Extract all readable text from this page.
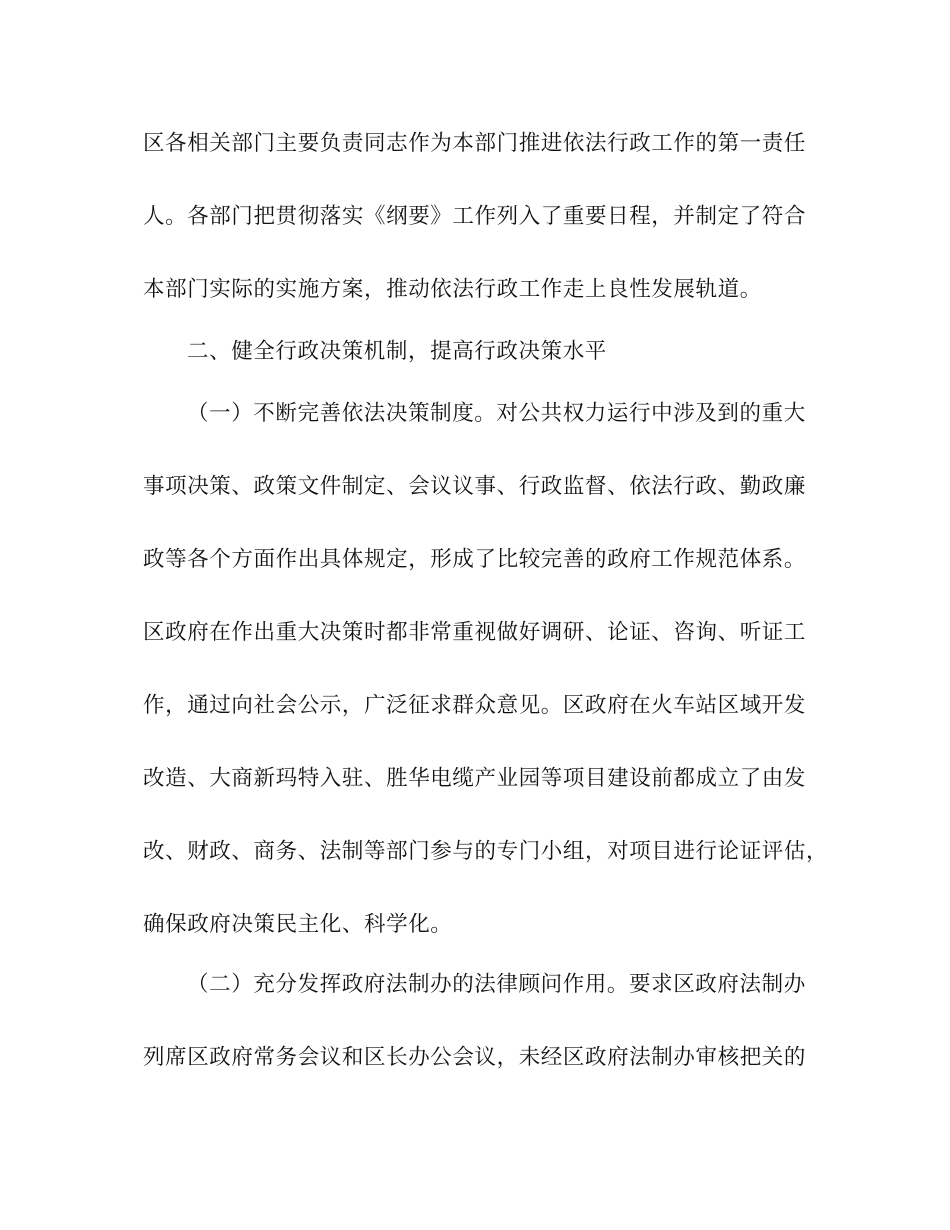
区各相关部门主要负责同志作为本部门推进依法行政工作的第一责任
人。各部门把贯彻落实《纲要》工作列入了重要日程，并制定了符合
本部门实际的实施方案，推动依法行政工作走上良性发展轨道。
二、健全行政决策机制，提高行政决策水平
（一）不断完善依法决策制度。对公共权力运行中涉及到的重大
事项决策、政策文件制定、会议议事、行政监督、依法行政、勤政廉
政等各个方面作出具体规定，形成了比较完善的政府工作规范体系。
区政府在作出重大决策时都非常重视做好调研、论证、咨询、听证工
作，通过向社会公示，广泛征求群众意见。区政府在火车站区域开发
改造、大商新玛特入驻、胜华电缆产业园等项目建设前都成立了由发
改、财政、商务、法制等部门参与的专门小组，对项目进行论证评估，
确保政府决策民主化、科学化。
（二）充分发挥政府法制办的法律顾问作用。要求区政府法制办
列席区政府常务会议和区长办公会议，未经区政府法制办审核把关的
